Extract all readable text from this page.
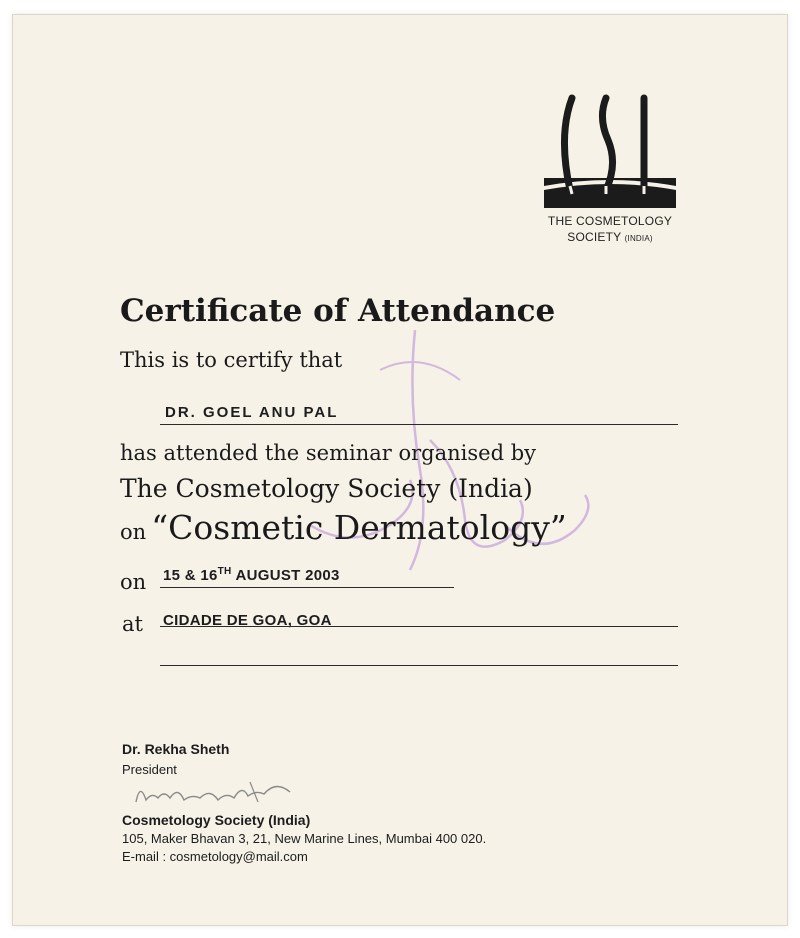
THE COSMETOLOGY
SOCIETY (INDIA)
Certificate of Attendance
This is to certify that
DR. GOEL ANU PAL
has attended the seminar organised by
The Cosmetology Society (India)
on “Cosmetic Dermatology”
on 15 & 16TH AUGUST 2003
at CIDADE DE GOA, GOA
Dr. Rekha Sheth
President
Cosmetology Society (India)
105, Maker Bhavan 3, 21, New Marine Lines, Mumbai 400 020.
E-mail : cosmetology@mail.com
